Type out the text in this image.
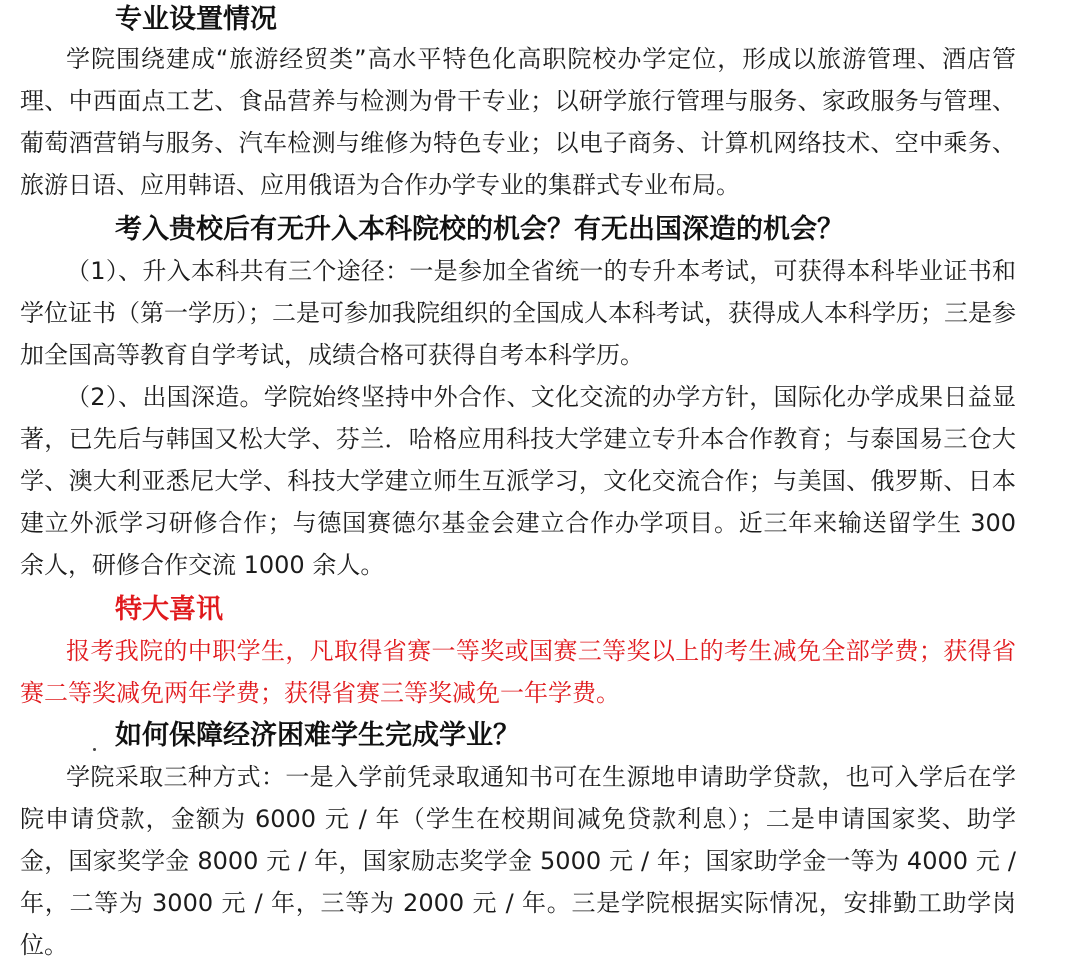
专业设置情况
学院围绕建成“旅游经贸类”高水平特色化高职院校办学定位，形成以旅游管理、酒店管理、中西面点工艺、食品营养与检测为骨干专业；以研学旅行管理与服务、家政服务与管理、葡萄酒营销与服务、汽车检测与维修为特色专业；以电子商务、计算机网络技术、空中乘务、旅游日语、应用韩语、应用俄语为合作办学专业的集群式专业布局。
考入贵校后有无升入本科院校的机会？有无出国深造的机会？
（1）、升入本科共有三个途径：一是参加全省统一的专升本考试，可获得本科毕业证书和学位证书（第一学历）；二是可参加我院组织的全国成人本科考试，获得成人本科学历；三是参加全国高等教育自学考试，成绩合格可获得自考本科学历。
（2）、出国深造。学院始终坚持中外合作、文化交流的办学方针，国际化办学成果日益显著，已先后与韩国又松大学、芬兰．哈格应用科技大学建立专升本合作教育；与泰国易三仓大学、澳大利亚悉尼大学、科技大学建立师生互派学习，文化交流合作；与美国、俄罗斯、日本建立外派学习研修合作；与德国赛德尔基金会建立合作办学项目。近三年来输送留学生 300 余人，研修合作交流 1000 余人。
特大喜讯
报考我院的中职学生，凡取得省赛一等奖或国赛三等奖以上的考生减免全部学费；获得省赛二等奖减免两年学费；获得省赛三等奖减免一年学费。
如何保障经济困难学生完成学业？
学院采取三种方式：一是入学前凭录取通知书可在生源地申请助学贷款，也可入学后在学院申请贷款，金额为 6000 元 / 年（学生在校期间减免贷款利息）；二是申请国家奖、助学金，国家奖学金 8000 元 / 年，国家励志奖学金 5000 元 / 年；国家助学金一等为 4000 元 / 年，二等为 3000 元 / 年，三等为 2000 元 / 年。三是学院根据实际情况，安排勤工助学岗位。
